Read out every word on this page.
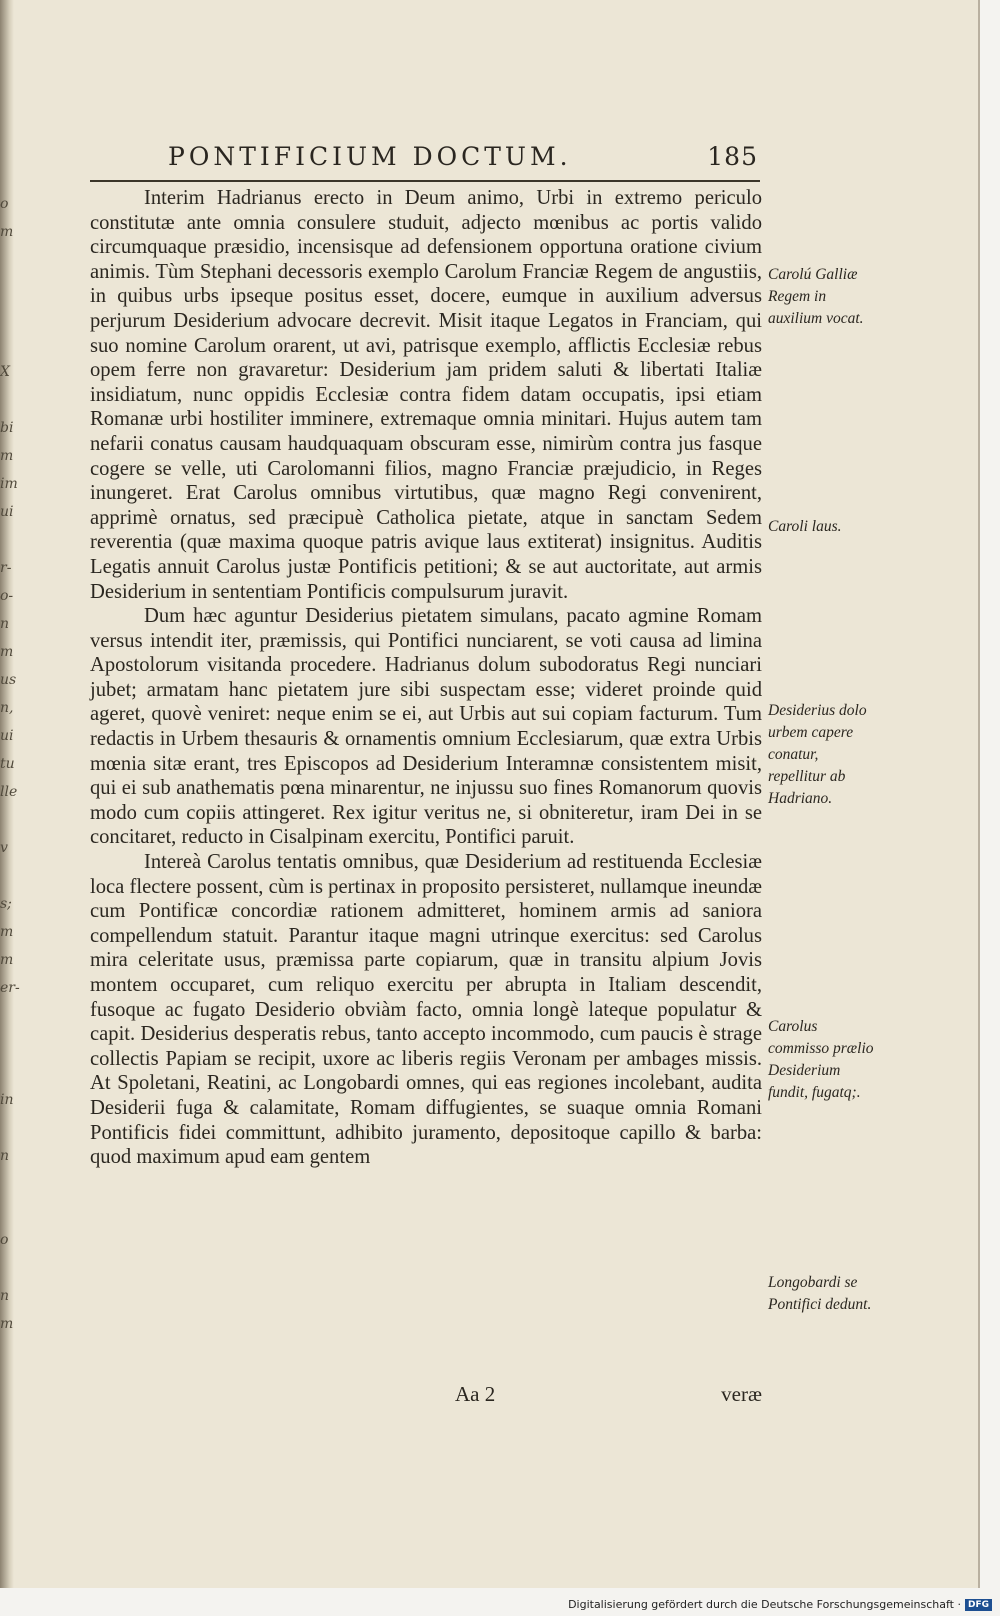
o
m

X

bi
m
im
ui

r-
o-
n
m
us
n,
ui
tu
lle

v

s;
m
m
er-

in

n

o

n
m
PONTIFICIUM DOCTUM.	185

Interim Hadrianus erecto in Deum animo, Urbi in extremo periculo constitutæ ante omnia consulere studuit, adjecto mœnibus ac portis valido circumquaque præsidio, incensisque ad defensionem opportuna oratione civium animis. Tùm Stephani decessoris exemplo Carolum Franciæ Regem de angustiis, in quibus urbs ipseque positus esset, docere, eumque in auxilium adversus perjurum Desiderium advocare decrevit. Misit itaque Legatos in Franciam, qui suo nomine Carolum orarent, ut avi, patrisque exemplo, afflictis Ecclesiæ rebus opem ferre non gravaretur: Desiderium jam pridem saluti & libertati Italiæ insidiatum, nunc oppidis Ecclesiæ contra fidem datam occupatis, ipsi etiam Romanæ urbi hostiliter imminere, extremaque omnia minitari. Hujus autem tam nefarii conatus causam haudquaquam obscuram esse, nimirùm contra jus fasque cogere se velle, uti Carolomanni filios, magno Franciæ præjudicio, in Reges inungeret. Erat Carolus omnibus virtutibus, quæ magno Regi convenirent, apprimè ornatus, sed præcipuè Catholica pietate, atque in sanctam Sedem reverentia (quæ maxima quoque patris avique laus extiterat) insignitus. Auditis Legatis annuit Carolus justæ Pontificis petitioni; & se aut auctoritate, aut armis Desiderium in sententiam Pontificis compulsurum juravit.

Dum hæc aguntur Desiderius pietatem simulans, pacato agmine Romam versus intendit iter, præmissis, qui Pontifici nunciarent, se voti causa ad limina Apostolorum visitanda procedere. Hadrianus dolum subodoratus Regi nunciari jubet; armatam hanc pietatem jure sibi suspectam esse; videret proinde quid ageret, quovè veniret: neque enim se ei, aut Urbis aut sui copiam facturum. Tum redactis in Urbem thesauris & ornamentis omnium Ecclesiarum, quæ extra Urbis mœnia sitæ erant, tres Episcopos ad Desiderium Interamnæ consistentem misit, qui ei sub anathematis pœna minarentur, ne injussu suo fines Romanorum quovis modo cum copiis attingeret. Rex igitur veritus ne, si obniteretur, iram Dei in se concitaret, reducto in Cisalpinam exercitu, Pontifici paruit.

Intereà Carolus tentatis omnibus, quæ Desiderium ad restituenda Ecclesiæ loca flectere possent, cùm is pertinax in proposito persisteret, nullamque ineundæ cum Pontificæ concordiæ rationem admitteret, hominem armis ad saniora compellendum statuit. Parantur itaque magni utrinque exercitus: sed Carolus mira celeritate usus, præmissa parte copiarum, quæ in transitu alpium Jovis montem occuparet, cum reliquo exercitu per abrupta in Italiam descendit, fusoque ac fugato Desiderio obviàm facto, omnia longè lateque populatur & capit. Desiderius desperatis rebus, tanto accepto incommodo, cum paucis è strage collectis Papiam se recipit, uxore ac liberis regiis Veronam per ambages missis. At Spoletani, Reatini, ac Longobardi omnes, qui eas regiones incolebant, audita Desiderii fuga & calamitate, Romam diffugientes, se suaque omnia Romani Pontificis fidei committunt, adhibito juramento, depositoque capillo & barba: quod maximum apud eam gentem

Carolú Galliæ Regem in auxilium vocat.
Caroli laus.
Desiderius dolo urbem capere conatur, repellitur ab Hadriano.
Carolus commisso prælio Desiderium fundit, fugatq;.
Longobardi se Pontifici dedunt.
Aa 2	veræ
Digitalisierung gefördert durch die Deutsche Forschungsgemeinschaft · DFG
